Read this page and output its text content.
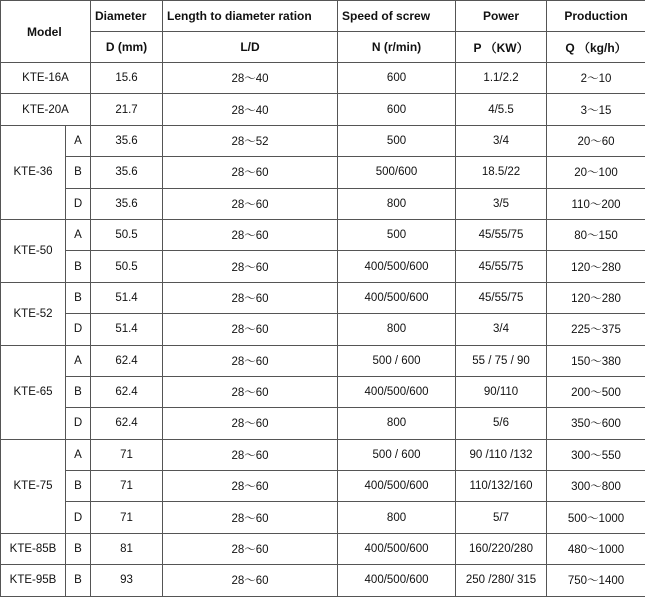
Model		Diameter	Length to diameter ration	Speed of screw	Power	Production
		D (mm)	L/D	N (r/min)	P （KW）	Q （kg/h）
KTE-16A		15.6	28～40	600	1.1/2.2	2～10
KTE-20A		21.7	28～40	600	4/5.5	3～15
KTE-36	A	35.6	28～52	500	3/4	20～60
	B	35.6	28～60	500/600	18.5/22	20～100
	D	35.6	28～60	800	3/5	110～200
KTE-50	A	50.5	28～60	500	45/55/75	80～150
	B	50.5	28～60	400/500/600	45/55/75	120～280
KTE-52	B	51.4	28～60	400/500/600	45/55/75	120～280
	D	51.4	28～60	800	3/4	225～375
KTE-65	A	62.4	28～60	500 / 600	55 / 75 / 90	150～380
	B	62.4	28～60	400/500/600	90/110	200～500
	D	62.4	28～60	800	5/6	350～600
KTE-75	A	71	28～60	500 / 600	90 /110 /132	300～550
	B	71	28～60	400/500/600	110/132/160	300～800
	D	71	28～60	800	5/7	500～1000
KTE-85B	B	81	28～60	400/500/600	160/220/280	480～1000
KTE-95B	B	93	28～60	400/500/600	250 /280/ 315	750～1400
